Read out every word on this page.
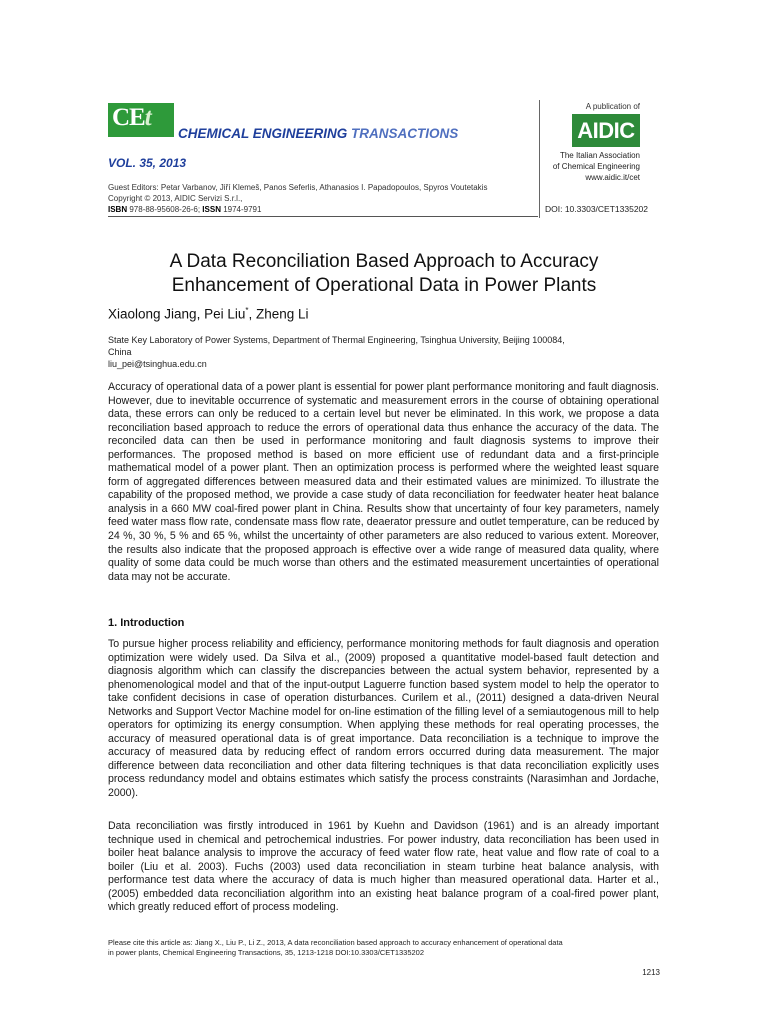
CEt
CHEMICAL ENGINEERING TRANSACTIONS
VOL. 35, 2013
Guest Editors: Petar Varbanov, Jiří Klemeš, Panos Seferlis, Athanasios I. Papadopoulos, Spyros Voutetakis
Copyright © 2013, AIDIC Servizi S.r.l.,
ISBN 978-88-95608-26-6; ISSN 1974-9791
A publication of
AIDIC
The Italian Association
of Chemical Engineering
www.aidic.it/cet
DOI: 10.3303/CET1335202
A Data Reconciliation Based Approach to Accuracy
Enhancement of Operational Data in Power Plants
Xiaolong Jiang, Pei Liu*, Zheng Li
State Key Laboratory of Power Systems, Department of Thermal Engineering, Tsinghua University, Beijing 100084,
China
liu_pei@tsinghua.edu.cn
Accuracy of operational data of a power plant is essential for power plant performance monitoring and fault diagnosis. However, due to inevitable occurrence of systematic and measurement errors in the course of obtaining operational data, these errors can only be reduced to a certain level but never be eliminated. In this work, we propose a data reconciliation based approach to reduce the errors of operational data thus enhance the accuracy of the data. The reconciled data can then be used in performance monitoring and fault diagnosis systems to improve their performances. The proposed method is based on more efficient use of redundant data and a first-principle mathematical model of a power plant. Then an optimization process is performed where the weighted least square form of aggregated differences between measured data and their estimated values are minimized. To illustrate the capability of the proposed method, we provide a case study of data reconciliation for feedwater heater heat balance analysis in a 660 MW coal-fired power plant in China. Results show that uncertainty of four key parameters, namely feed water mass flow rate, condensate mass flow rate, deaerator pressure and outlet temperature, can be reduced by 24 %, 30 %, 5 % and 65 %, whilst the uncertainty of other parameters are also reduced to various extent. Moreover, the results also indicate that the proposed approach is effective over a wide range of measured data quality, where quality of some data could be much worse than others and the estimated measurement uncertainties of operational data may not be accurate.
1. Introduction
To pursue higher process reliability and efficiency, performance monitoring methods for fault diagnosis and operation optimization were widely used. Da Silva et al., (2009) proposed a quantitative model-based fault detection and diagnosis algorithm which can classify the discrepancies between the actual system behavior, represented by a phenomenological model and that of the input-output Laguerre function based system model to help the operator to take confident decisions in case of operation disturbances. Curilem et al., (2011) designed a data-driven Neural Networks and Support Vector Machine model for on-line estimation of the filling level of a semiautogenous mill to help operators for optimizing its energy consumption. When applying these methods for real operating processes, the accuracy of measured operational data is of great importance. Data reconciliation is a technique to improve the accuracy of measured data by reducing effect of random errors occurred during data measurement. The major difference between data reconciliation and other data filtering techniques is that data reconciliation explicitly uses process redundancy model and obtains estimates which satisfy the process constraints (Narasimhan and Jordache, 2000).
Data reconciliation was firstly introduced in 1961 by Kuehn and Davidson (1961) and is an already important technique used in chemical and petrochemical industries. For power industry, data reconciliation has been used in boiler heat balance analysis to improve the accuracy of feed water flow rate, heat value and flow rate of coal to a boiler (Liu et al. 2003). Fuchs (2003) used data reconciliation in steam turbine heat balance analysis, with performance test data where the accuracy of data is much higher than measured operational data. Harter et al., (2005) embedded data reconciliation algorithm into an existing heat balance program of a coal-fired power plant, which greatly reduced effort of process modeling.
Please cite this article as: Jiang X., Liu P., Li Z., 2013, A data reconciliation based approach to accuracy enhancement of operational data
in power plants, Chemical Engineering Transactions, 35, 1213-1218 DOI:10.3303/CET1335202
1213
